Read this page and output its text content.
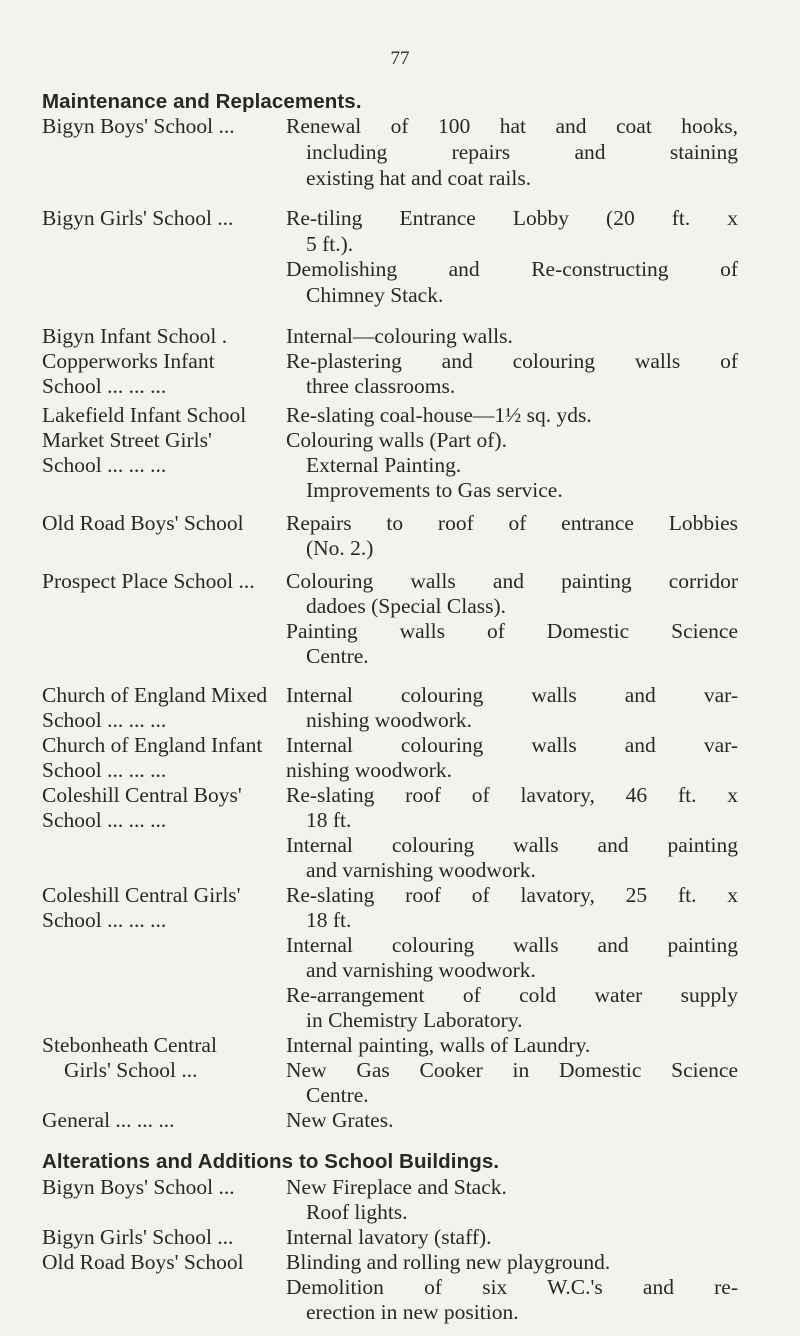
77
Maintenance and Replacements.
Bigyn Boys' School ... Renewal of 100 hat and coat hooks,
including repairs and staining
existing hat and coat rails.
Bigyn Girls' School ... Re-tiling Entrance Lobby (20 ft. x
5 ft.).
Demolishing and Re-constructing of
Chimney Stack.
Bigyn Infant School .	Internal—colouring walls.
Copperworks Infant
School ... ... ...
Re-plastering and colouring walls of
three classrooms.
Lakefield Infant School Re-slating coal-house—1½ sq. yds.
Market Street Girls'
School ... ... ...
Colouring walls (Part of).
External Painting.
Improvements to Gas service.
Old Road Boys' School Repairs to roof of entrance Lobbies
(No. 2.)
Prospect Place School ... Colouring walls and painting corridor
dadoes (Special Class).
Painting walls of Domestic Science
Centre.
Church of England Mixed
School ... ... ...
Internal colouring walls and var-
nishing woodwork.
Church of England Infant
School ... ... ...
Internal colouring walls and var-
nishing woodwork.
Coleshill Central Boys'
School ... ... ...
Re-slating roof of lavatory, 46 ft. x
18 ft.
Internal colouring walls and painting
and varnishing woodwork.
Coleshill Central Girls'
School ... ... ...
Re-slating roof of lavatory, 25 ft. x
18 ft.
Internal colouring walls and painting
and varnishing woodwork.
Re-arrangement of cold water supply
in Chemistry Laboratory.
Stebonheath Central
Girls' School ...
Internal painting, walls of Laundry.
New Gas Cooker in Domestic Science
Centre.
General ... ... ...	New Grates.
Alterations and Additions to School Buildings.
Bigyn Boys' School ... New Fireplace and Stack.
Roof lights.
Bigyn Girls' School ... Internal lavatory (staff).
Old Road Boys' School Blinding and rolling new playground.
Demolition of six W.C.'s and re-
erection in new position.
